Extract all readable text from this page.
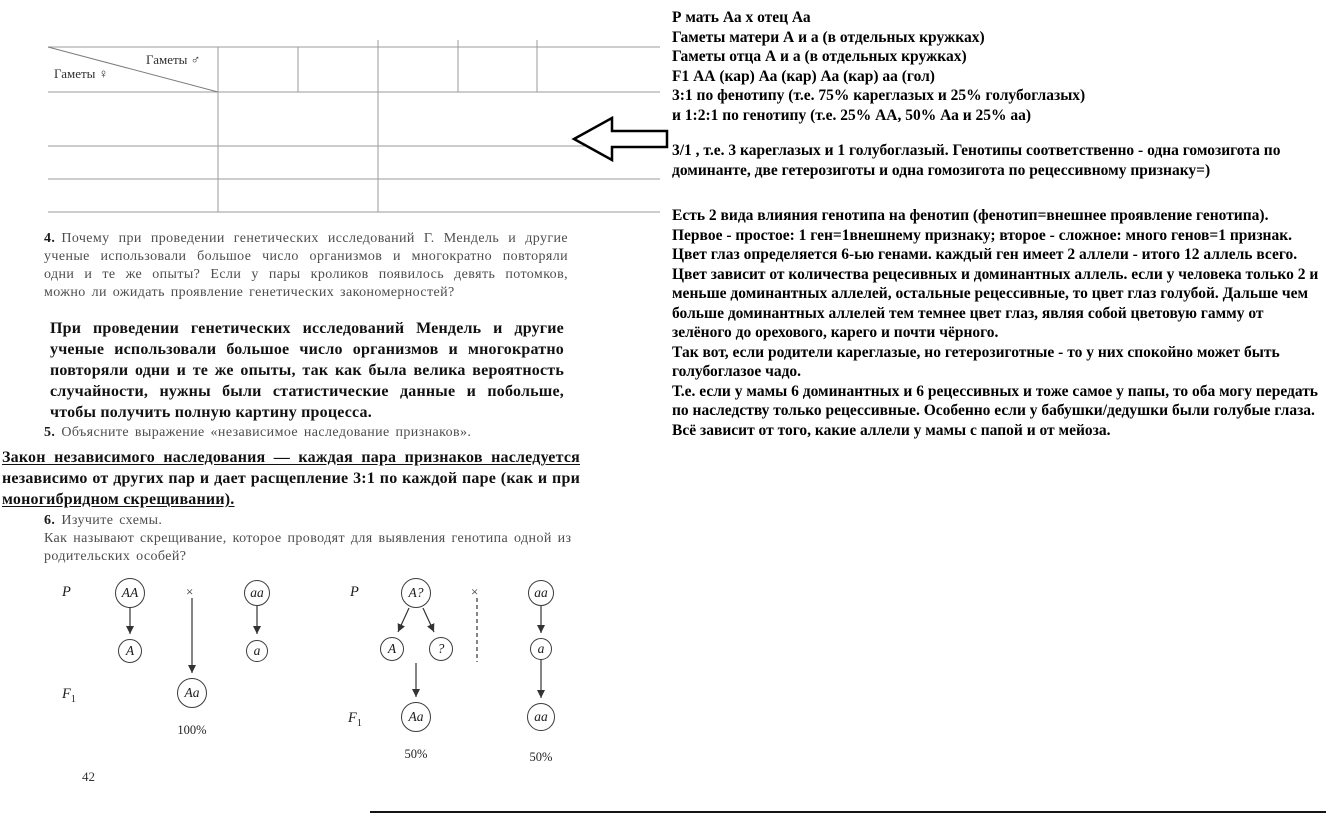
Гаметы ♂
Гаметы ♀
4. Почему при проведении генетических исследований Г. Мендель и другие ученые использовали большое число организмов и многократно повторяли одни и те же опыты? Если у пары кроликов появилось девять потомков, можно ли ожидать проявление генетических закономерностей?
При проведении генетических исследований Мендель и другие ученые использовали большое число организмов и многократно повторяли одни и те же опыты, так как была велика вероятность случайности, нужны были статистические данные и побольше, чтобы получить полную картину процесса.
5. Объясните выражение «независимое наследование признаков».
Закон независимого наследования — каждая пара признаков наследуется независимо от других пар и дает расщепление 3:1 по каждой паре (как и при моногибридном скрещивании).

6. Изучите схемы.

Как называют скрещивание, которое проводят для выявления генотипа одной из родительских особей?

P	AA	×	aa
A	a
$F_1$	Aa
100%
P	A?	×	aa
A	?	a
$F_1$	Aa
50%
aa
50%
42

Р мать Аа х отец Аа

Гаметы матери А и а (в отдельных кружках)

Гаметы отца А и а (в отдельных кружках)

F1 АА (кар) Аа (кар) Аа (кар) аа (гол)

3:1 по фенотипу (т.е. 75% кареглазых и 25% голубоглазых)

и 1:2:1 по генотипу (т.е. 25% АА, 50% Аа и 25% аа)

3/1 , т.е. 3 кареглазых и 1 голубоглазый. Генотипы соответственно - одна гомозигота по доминанте, две гетерозиготы и одна гомозигота по рецессивному признаку=)

Есть 2 вида влияния генотипа на фенотип (фенотип=внешнее проявление генотипа).

Первое - простое: 1 ген=1внешнему признаку; второе - сложное: много генов=1 признак.

Цвет глаз определяется 6-ью генами. каждый ген имеет 2 аллели - итого 12 аллель всего.

Цвет зависит от количества рецесивных и доминантных аллель. если у человека только 2 и меньше доминантных аллелей, остальные рецессивные, то цвет глаз голубой. Дальше чем больше доминантных аллелей тем темнее цвет глаз, являя собой цветовую гамму от зелёного до орехового, карего и почти чёрного.

Так вот, если родители кареглазые, но гетерозиготные - то у них спокойно может быть голубоглазое чадо.

Т.е. если у мамы 6 доминантных и 6 рецессивных и тоже самое у папы, то оба могу передать по наследству только рецессивные. Особенно если у бабушки/дедушки были голубые глаза. Всё зависит от того, какие аллели у мамы с папой и от мейоза.
